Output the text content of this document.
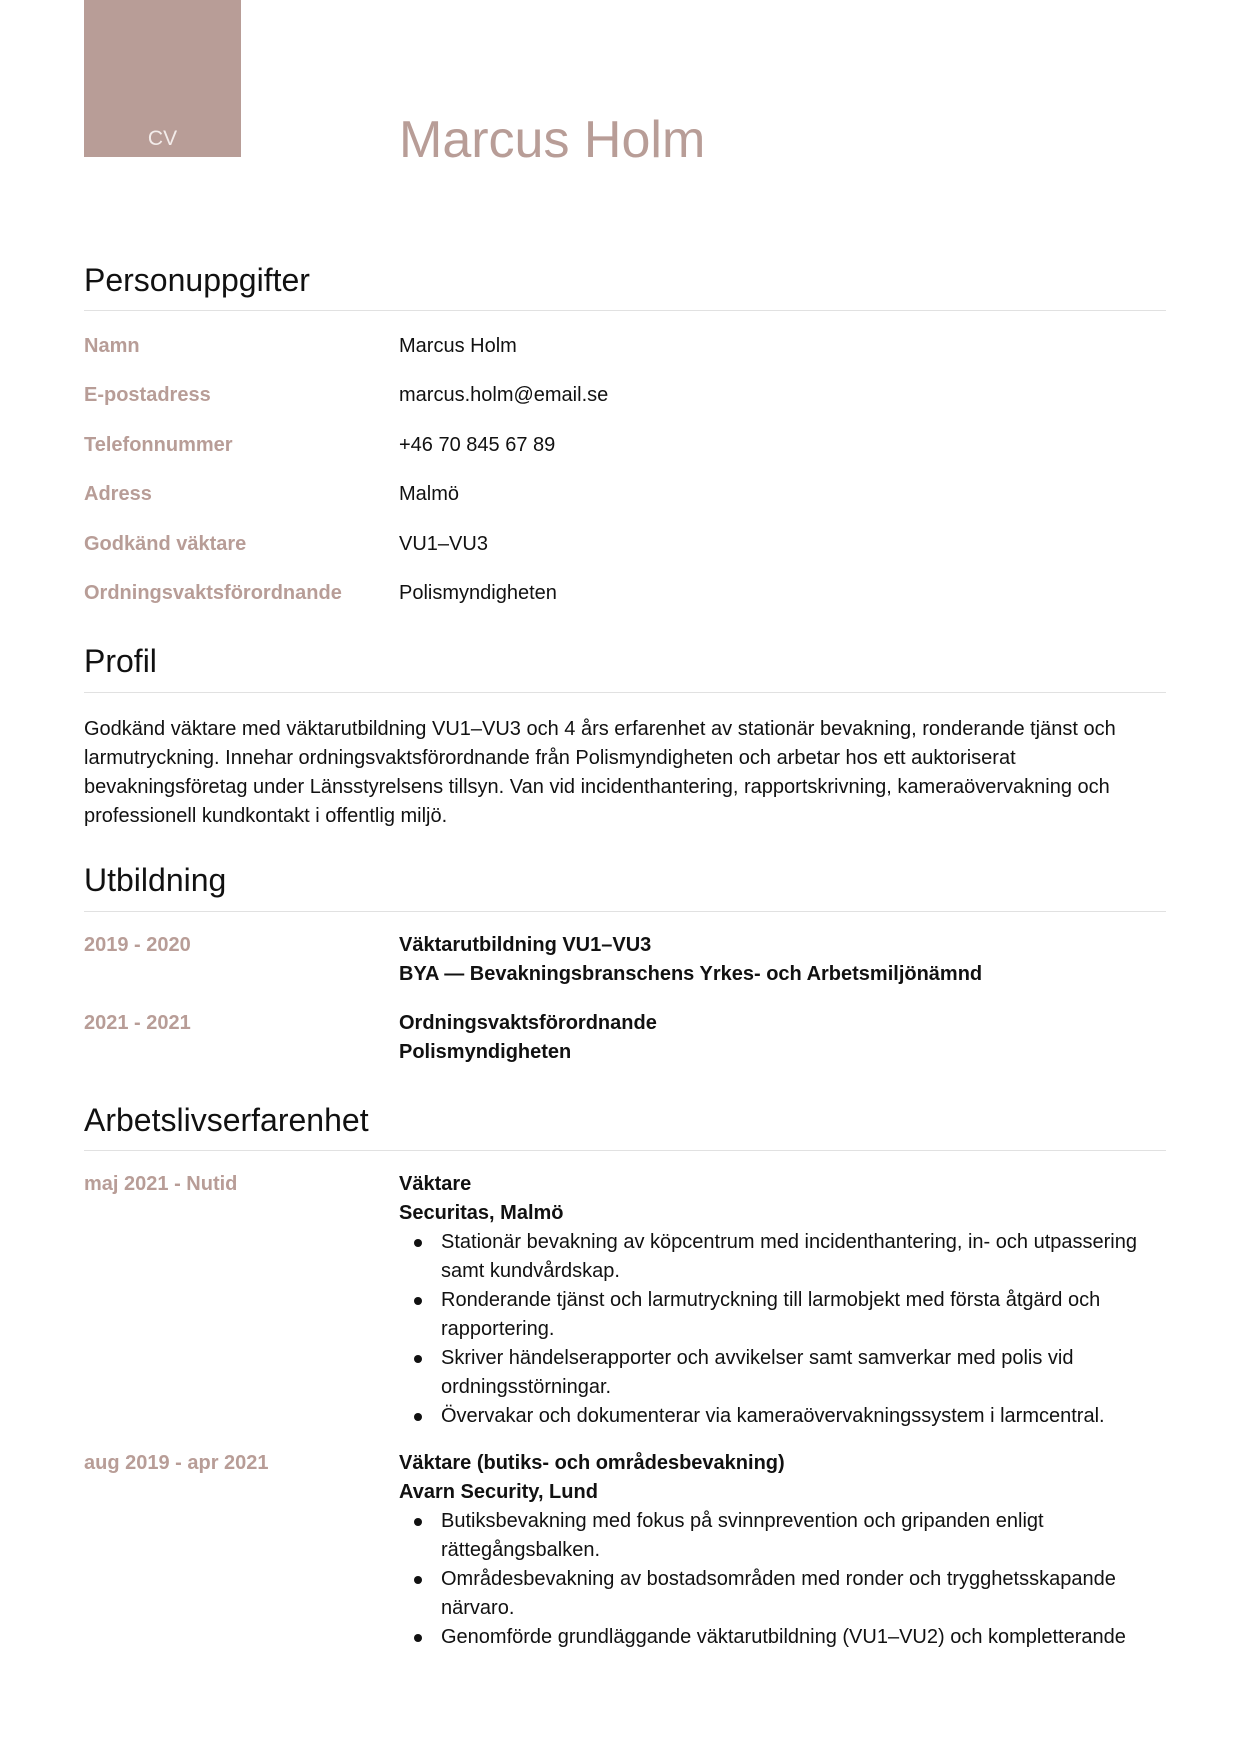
CV	Marcus Holm
Personuppgifter
Namn	Marcus Holm
E-postadress	marcus.holm@email.se
Telefonnummer	+46 70 845 67 89
Adress	Malmö
Godkänd väktare	VU1–VU3
Ordningsvaktsförordnande	Polismyndigheten
Profil

Godkänd väktare med väktarutbildning VU1–VU3 och 4 års erfarenhet av stationär bevakning, ronderande tjänst och larmutryckning. Innehar ordningsvaktsförordnande från Polismyndigheten och arbetar hos ett auktoriserat bevakningsföretag under Länsstyrelsens tillsyn. Van vid incidenthantering, rapportskrivning, kameraövervakning och professionell kundkontakt i offentlig miljö.

Utbildning
2019 - 2020	Väktarutbildning VU1–VU3
BYA — Bevakningsbranschens Yrkes- och Arbetsmiljönämnd
2021 - 2021	Ordningsvaktsförordnande
Polismyndigheten
Arbetslivserfarenhet
maj 2021 - Nutid	Väktare
Securitas, Malmö
Stationär bevakning av köpcentrum med incidenthantering, in- och utpassering samt kundvårdskap.
Ronderande tjänst och larmutryckning till larmobjekt med första åtgärd och rapportering.
Skriver händelserapporter och avvikelser samt samverkar med polis vid ordningsstörningar.
Övervakar och dokumenterar via kameraövervakningssystem i larmcentral.
aug 2019 - apr 2021	Väktare (butiks- och områdesbevakning)
Avarn Security, Lund
Butiksbevakning med fokus på svinnprevention och gripanden enligt rättegångsbalken.
Områdesbevakning av bostadsområden med ronder och trygghetsskapande närvaro.
Genomförde grundläggande väktarutbildning (VU1–VU2) och kompletterande
